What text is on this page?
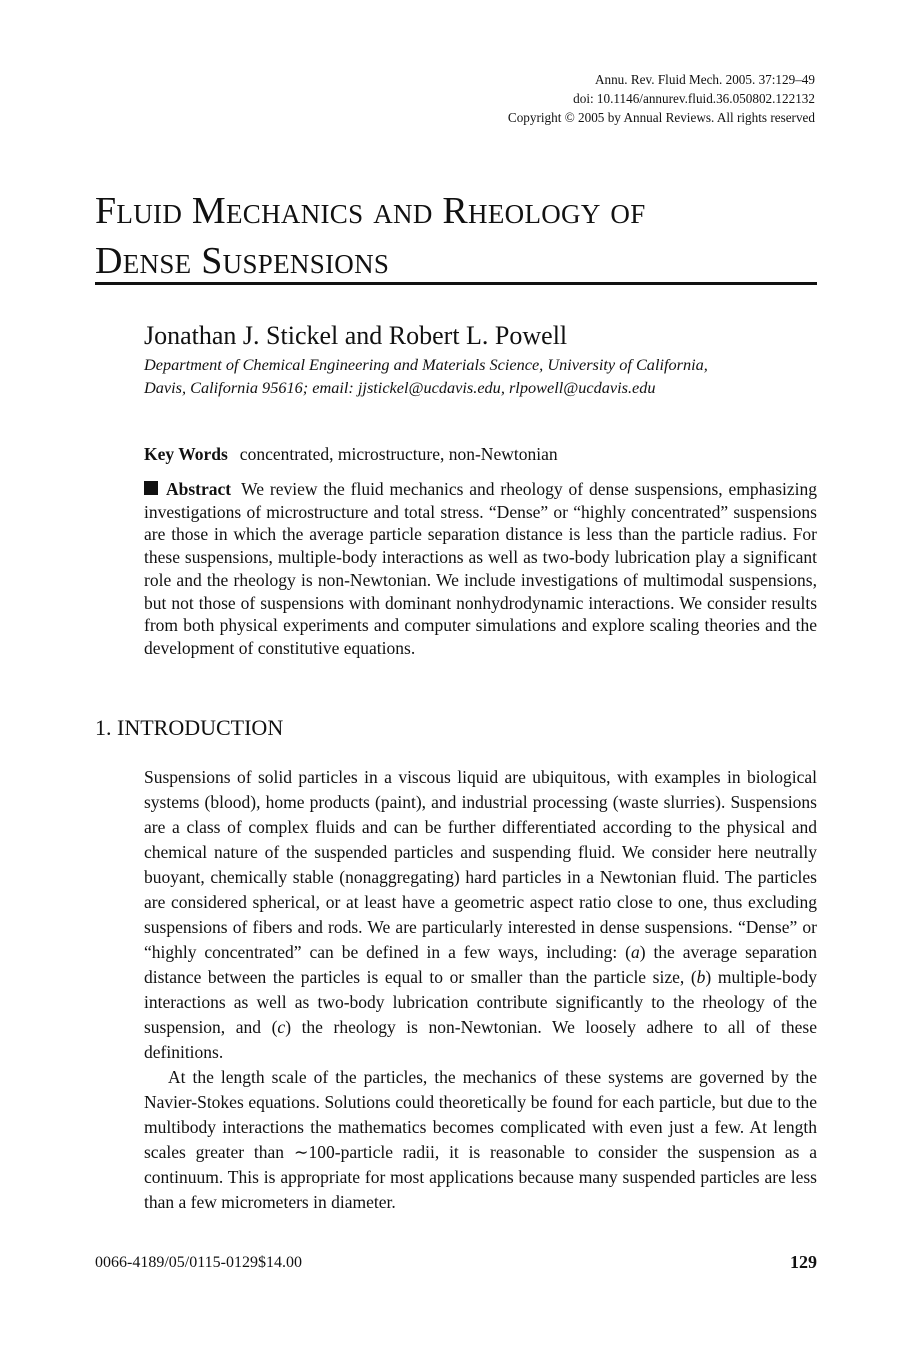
Annu. Rev. Fluid Mech. 2005. 37:129–49
doi: 10.1146/annurev.fluid.36.050802.122132
Copyright © 2005 by Annual Reviews. All rights reserved
Fluid Mechanics and Rheology of
Dense Suspensions
Jonathan J. Stickel and Robert L. Powell
Department of Chemical Engineering and Materials Science, University of California,
Davis, California 95616; email: jjstickel@ucdavis.edu, rlpowell@ucdavis.edu
Key Words concentrated, microstructure, non-Newtonian
Abstract We review the fluid mechanics and rheology of dense suspensions, emphasizing investigations of microstructure and total stress. “Dense” or “highly concentrated” suspensions are those in which the average particle separation distance is less than the particle radius. For these suspensions, multiple-body interactions as well as two-body lubrication play a significant role and the rheology is non-Newtonian. We include investigations of multimodal suspensions, but not those of suspensions with dominant nonhydrodynamic interactions. We consider results from both physical experiments and computer simulations and explore scaling theories and the development of constitutive equations.
1. INTRODUCTION

Suspensions of solid particles in a viscous liquid are ubiquitous, with examples in biological systems (blood), home products (paint), and industrial processing (waste slurries). Suspensions are a class of complex fluids and can be further differentiated according to the physical and chemical nature of the suspended particles and suspending fluid. We consider here neutrally buoyant, chemically stable (nonaggregating) hard particles in a Newtonian fluid. The particles are considered spherical, or at least have a geometric aspect ratio close to one, thus excluding suspensions of fibers and rods. We are particularly interested in dense suspensions. “Dense” or “highly concentrated” can be defined in a few ways, including: (a) the average separation distance between the particles is equal to or smaller than the particle size, (b) multiple-body interactions as well as two-body lubrication contribute significantly to the rheology of the suspension, and (c) the rheology is non-Newtonian. We loosely adhere to all of these definitions.

At the length scale of the particles, the mechanics of these systems are governed by the Navier-Stokes equations. Solutions could theoretically be found for each particle, but due to the multibody interactions the mathematics becomes complicated with even just a few. At length scales greater than ∼100-particle radii, it is reasonable to consider the suspension as a continuum. This is appropriate for most applications because many suspended particles are less than a few micrometers in diameter.

0066-4189/05/0115-0129$14.00	129
